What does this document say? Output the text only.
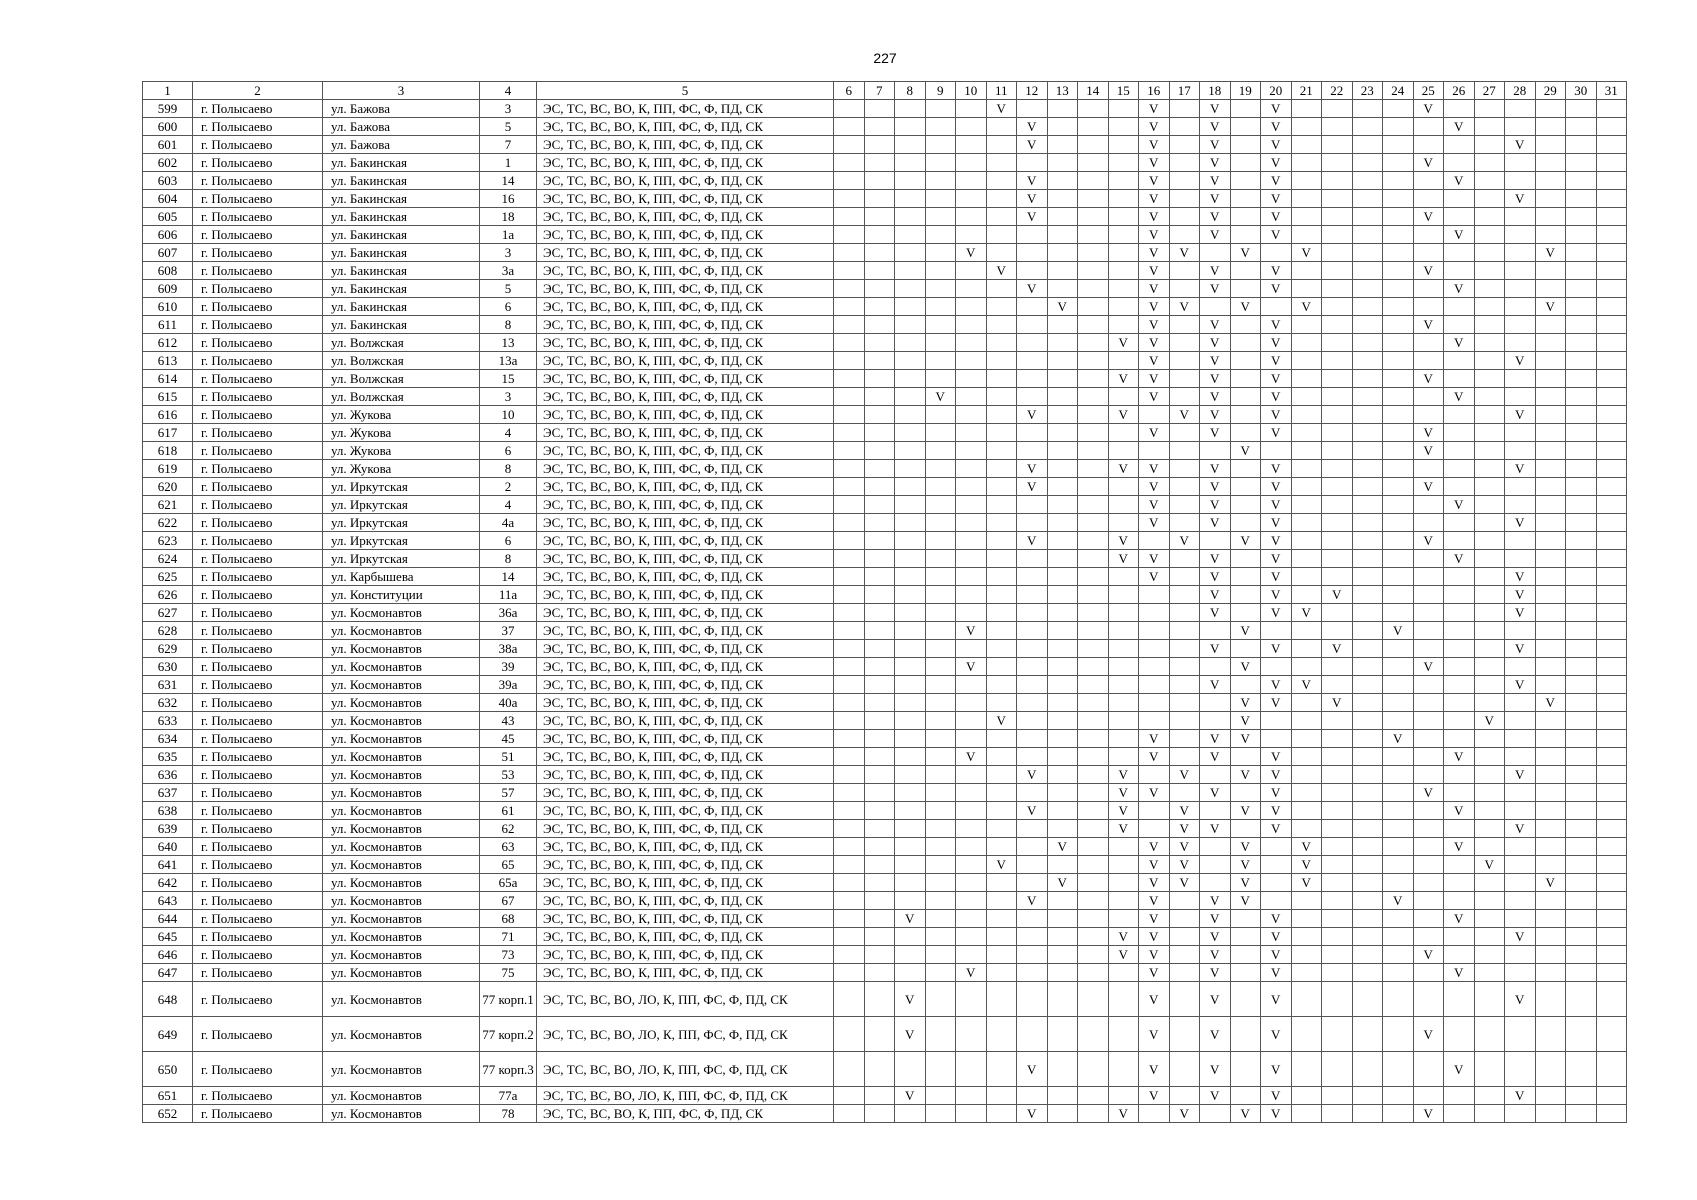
227
1	2	3	4	5	6	7	8	9	10	11	12	13	14	15	16	17	18	19	20	21	22	23	24	25	26	27	28	29	30	31
599	г. Полысаево	ул. Бажова	3	ЭС, ТС, ВС, ВО, К, ПП, ФС, Ф, ПД, СК						V					V		V		V					V						
600	г. Полысаево	ул. Бажова	5	ЭС, ТС, ВС, ВО, К, ПП, ФС, Ф, ПД, СК							V				V		V		V						V					
601	г. Полысаево	ул. Бажова	7	ЭС, ТС, ВС, ВО, К, ПП, ФС, Ф, ПД, СК							V				V		V		V								V			
602	г. Полысаево	ул. Бакинская	1	ЭС, ТС, ВС, ВО, К, ПП, ФС, Ф, ПД, СК											V		V		V					V						
603	г. Полысаево	ул. Бакинская	14	ЭС, ТС, ВС, ВО, К, ПП, ФС, Ф, ПД, СК							V				V		V		V						V					
604	г. Полысаево	ул. Бакинская	16	ЭС, ТС, ВС, ВО, К, ПП, ФС, Ф, ПД, СК							V				V		V		V								V			
605	г. Полысаево	ул. Бакинская	18	ЭС, ТС, ВС, ВО, К, ПП, ФС, Ф, ПД, СК							V				V		V		V					V						
606	г. Полысаево	ул. Бакинская	1а	ЭС, ТС, ВС, ВО, К, ПП, ФС, Ф, ПД, СК											V		V		V						V					
607	г. Полысаево	ул. Бакинская	3	ЭС, ТС, ВС, ВО, К, ПП, ФС, Ф, ПД, СК					V						V	V		V		V								V		
608	г. Полысаево	ул. Бакинская	3а	ЭС, ТС, ВС, ВО, К, ПП, ФС, Ф, ПД, СК						V					V		V		V					V						
609	г. Полысаево	ул. Бакинская	5	ЭС, ТС, ВС, ВО, К, ПП, ФС, Ф, ПД, СК							V				V		V		V						V					
610	г. Полысаево	ул. Бакинская	6	ЭС, ТС, ВС, ВО, К, ПП, ФС, Ф, ПД, СК								V			V	V		V		V								V		
611	г. Полысаево	ул. Бакинская	8	ЭС, ТС, ВС, ВО, К, ПП, ФС, Ф, ПД, СК											V		V		V					V						
612	г. Полысаево	ул. Волжская	13	ЭС, ТС, ВС, ВО, К, ПП, ФС, Ф, ПД, СК										V	V		V		V						V					
613	г. Полысаево	ул. Волжская	13а	ЭС, ТС, ВС, ВО, К, ПП, ФС, Ф, ПД, СК											V		V		V								V			
614	г. Полысаево	ул. Волжская	15	ЭС, ТС, ВС, ВО, К, ПП, ФС, Ф, ПД, СК										V	V		V		V					V						
615	г. Полысаево	ул. Волжская	3	ЭС, ТС, ВС, ВО, К, ПП, ФС, Ф, ПД, СК				V							V		V		V						V					
616	г. Полысаево	ул. Жукова	10	ЭС, ТС, ВС, ВО, К, ПП, ФС, Ф, ПД, СК							V			V		V	V		V								V			
617	г. Полысаево	ул. Жукова	4	ЭС, ТС, ВС, ВО, К, ПП, ФС, Ф, ПД, СК											V		V		V					V						
618	г. Полысаево	ул. Жукова	6	ЭС, ТС, ВС, ВО, К, ПП, ФС, Ф, ПД, СК														V						V						
619	г. Полысаево	ул. Жукова	8	ЭС, ТС, ВС, ВО, К, ПП, ФС, Ф, ПД, СК							V			V	V		V		V								V			
620	г. Полысаево	ул. Иркутская	2	ЭС, ТС, ВС, ВО, К, ПП, ФС, Ф, ПД, СК							V				V		V		V					V						
621	г. Полысаево	ул. Иркутская	4	ЭС, ТС, ВС, ВО, К, ПП, ФС, Ф, ПД, СК											V		V		V						V					
622	г. Полысаево	ул. Иркутская	4а	ЭС, ТС, ВС, ВО, К, ПП, ФС, Ф, ПД, СК											V		V		V								V			
623	г. Полысаево	ул. Иркутская	6	ЭС, ТС, ВС, ВО, К, ПП, ФС, Ф, ПД, СК							V			V		V		V	V					V						
624	г. Полысаево	ул. Иркутская	8	ЭС, ТС, ВС, ВО, К, ПП, ФС, Ф, ПД, СК										V	V		V		V						V					
625	г. Полысаево	ул. Карбышева	14	ЭС, ТС, ВС, ВО, К, ПП, ФС, Ф, ПД, СК											V		V		V								V			
626	г. Полысаево	ул. Конституции	11а	ЭС, ТС, ВС, ВО, К, ПП, ФС, Ф, ПД, СК													V		V		V						V			
627	г. Полысаево	ул. Космонавтов	36а	ЭС, ТС, ВС, ВО, К, ПП, ФС, Ф, ПД, СК													V		V	V							V			
628	г. Полысаево	ул. Космонавтов	37	ЭС, ТС, ВС, ВО, К, ПП, ФС, Ф, ПД, СК					V									V					V							
629	г. Полысаево	ул. Космонавтов	38а	ЭС, ТС, ВС, ВО, К, ПП, ФС, Ф, ПД, СК													V		V		V						V			
630	г. Полысаево	ул. Космонавтов	39	ЭС, ТС, ВС, ВО, К, ПП, ФС, Ф, ПД, СК					V									V						V						
631	г. Полысаево	ул. Космонавтов	39а	ЭС, ТС, ВС, ВО, К, ПП, ФС, Ф, ПД, СК													V		V	V							V			
632	г. Полысаево	ул. Космонавтов	40а	ЭС, ТС, ВС, ВО, К, ПП, ФС, Ф, ПД, СК														V	V		V							V		
633	г. Полысаево	ул. Космонавтов	43	ЭС, ТС, ВС, ВО, К, ПП, ФС, Ф, ПД, СК						V								V								V				
634	г. Полысаево	ул. Космонавтов	45	ЭС, ТС, ВС, ВО, К, ПП, ФС, Ф, ПД, СК											V		V	V					V							
635	г. Полысаево	ул. Космонавтов	51	ЭС, ТС, ВС, ВО, К, ПП, ФС, Ф, ПД, СК					V						V		V		V						V					
636	г. Полысаево	ул. Космонавтов	53	ЭС, ТС, ВС, ВО, К, ПП, ФС, Ф, ПД, СК							V			V		V		V	V								V			
637	г. Полысаево	ул. Космонавтов	57	ЭС, ТС, ВС, ВО, К, ПП, ФС, Ф, ПД, СК										V	V		V		V					V						
638	г. Полысаево	ул. Космонавтов	61	ЭС, ТС, ВС, ВО, К, ПП, ФС, Ф, ПД, СК							V			V		V		V	V						V					
639	г. Полысаево	ул. Космонавтов	62	ЭС, ТС, ВС, ВО, К, ПП, ФС, Ф, ПД, СК										V		V	V		V								V			
640	г. Полысаево	ул. Космонавтов	63	ЭС, ТС, ВС, ВО, К, ПП, ФС, Ф, ПД, СК								V			V	V		V		V					V					
641	г. Полысаево	ул. Космонавтов	65	ЭС, ТС, ВС, ВО, К, ПП, ФС, Ф, ПД, СК						V					V	V		V		V						V				
642	г. Полысаево	ул. Космонавтов	65а	ЭС, ТС, ВС, ВО, К, ПП, ФС, Ф, ПД, СК								V			V	V		V		V								V		
643	г. Полысаево	ул. Космонавтов	67	ЭС, ТС, ВС, ВО, К, ПП, ФС, Ф, ПД, СК							V				V		V	V					V							
644	г. Полысаево	ул. Космонавтов	68	ЭС, ТС, ВС, ВО, К, ПП, ФС, Ф, ПД, СК			V								V		V		V						V					
645	г. Полысаево	ул. Космонавтов	71	ЭС, ТС, ВС, ВО, К, ПП, ФС, Ф, ПД, СК										V	V		V		V								V			
646	г. Полысаево	ул. Космонавтов	73	ЭС, ТС, ВС, ВО, К, ПП, ФС, Ф, ПД, СК										V	V		V		V					V						
647	г. Полысаево	ул. Космонавтов	75	ЭС, ТС, ВС, ВО, К, ПП, ФС, Ф, ПД, СК					V						V		V		V						V					
648	г. Полысаево	ул. Космонавтов	77 корп.1	ЭС, ТС, ВС, ВО, ЛО, К, ПП, ФС, Ф, ПД, СК			V								V		V		V								V			
649	г. Полысаево	ул. Космонавтов	77 корп.2	ЭС, ТС, ВС, ВО, ЛО, К, ПП, ФС, Ф, ПД, СК			V								V		V		V					V						
650	г. Полысаево	ул. Космонавтов	77 корп.3	ЭС, ТС, ВС, ВО, ЛО, К, ПП, ФС, Ф, ПД, СК							V				V		V		V						V					
651	г. Полысаево	ул. Космонавтов	77а	ЭС, ТС, ВС, ВО, ЛО, К, ПП, ФС, Ф, ПД, СК			V								V		V		V								V			
652	г. Полысаево	ул. Космонавтов	78	ЭС, ТС, ВС, ВО, К, ПП, ФС, Ф, ПД, СК							V			V		V		V	V					V						
